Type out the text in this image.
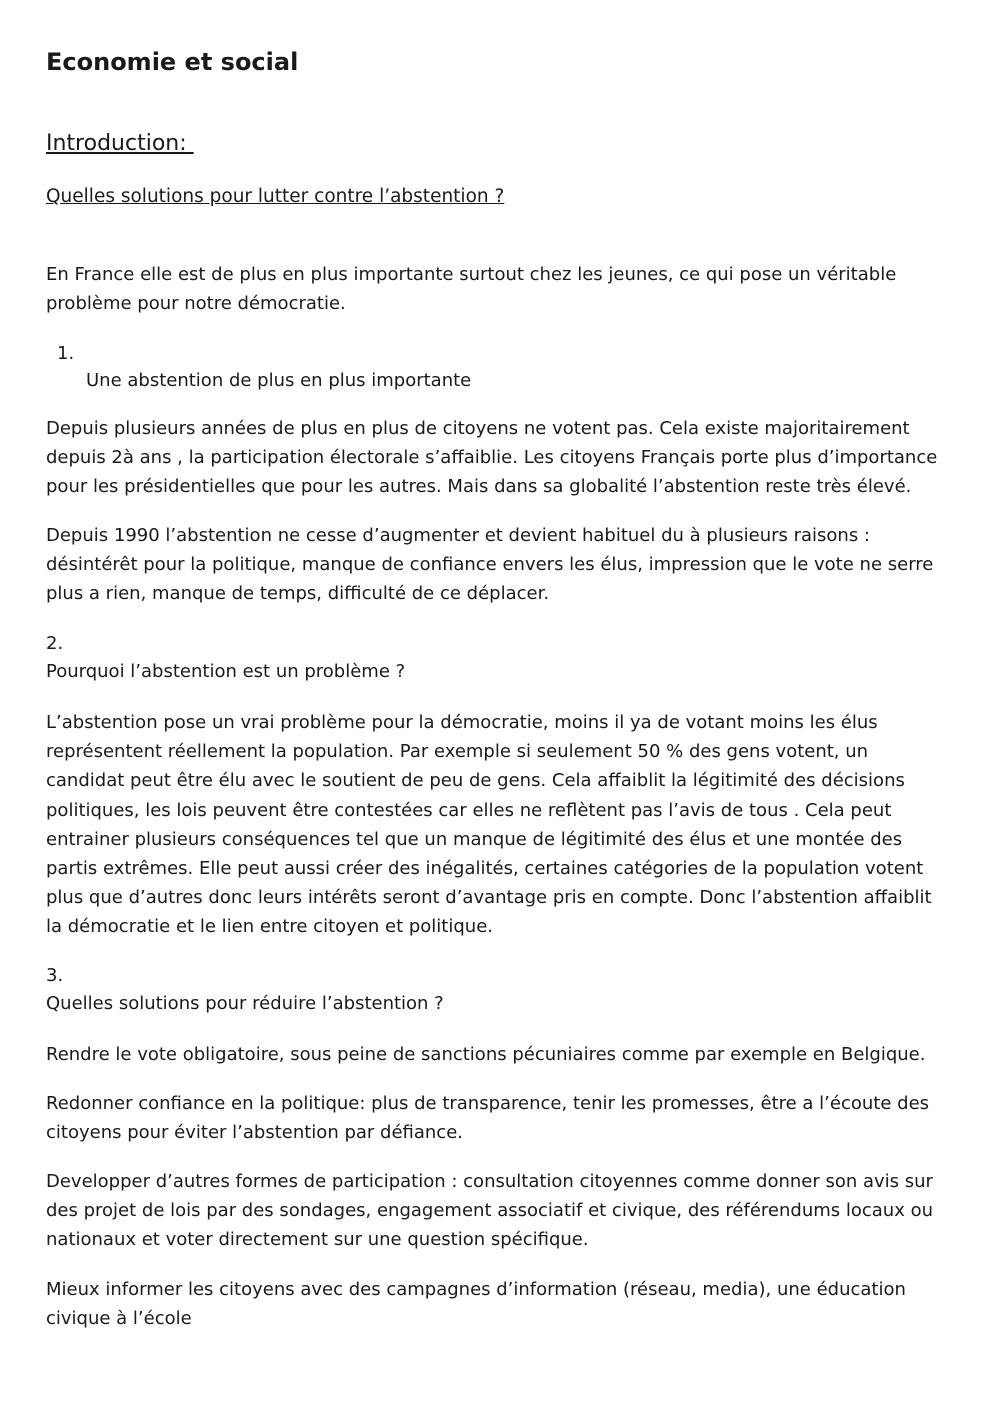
Economie et social
Introduction:
Quelles solutions pour lutter contre l’abstention ?

En France elle est de plus en plus importante surtout chez les jeunes, ce qui pose un véritable problème pour notre démocratie.

1.
Une abstention de plus en plus importante

Depuis plusieurs années de plus en plus de citoyens ne votent pas. Cela existe majoritairement depuis 2à ans , la participation électorale s’affaiblie. Les citoyens Français porte plus d’importance pour les présidentielles que pour les autres. Mais dans sa globalité l’abstention reste très élevé.

Depuis 1990 l’abstention ne cesse d’augmenter et devient habituel du à plusieurs raisons : désintérêt pour la politique, manque de confiance envers les élus, impression que le vote ne serre plus a rien, manque de temps, difficulté de ce déplacer.

2.
Pourquoi l’abstention est un problème ?

L’abstention pose un vrai problème pour la démocratie, moins il ya de votant moins les élus représentent réellement la population. Par exemple si seulement 50 % des gens votent, un candidat peut être élu avec le soutient de peu de gens. Cela affaiblit la légitimité des décisions politiques, les lois peuvent être contestées car elles ne reflètent pas l’avis de tous . Cela peut entrainer plusieurs conséquences tel que un manque de légitimité des élus et une montée des partis extrêmes. Elle peut aussi créer des inégalités, certaines catégories de la population votent plus que d’autres donc leurs intérêts seront d’avantage pris en compte. Donc l’abstention affaiblit la démocratie et le lien entre citoyen et politique.

3.
Quelles solutions pour réduire l’abstention ?

Rendre le vote obligatoire, sous peine de sanctions pécuniaires comme par exemple en Belgique.

Redonner confiance en la politique: plus de transparence, tenir les promesses, être a l’écoute des citoyens pour éviter l’abstention par défiance.

Developper d’autres formes de participation : consultation citoyennes comme donner son avis sur des projet de lois par des sondages, engagement associatif et civique, des référendums locaux ou nationaux et voter directement sur une question spécifique.

Mieux informer les citoyens avec des campagnes d’information (réseau, media), une éducation civique à l’école
